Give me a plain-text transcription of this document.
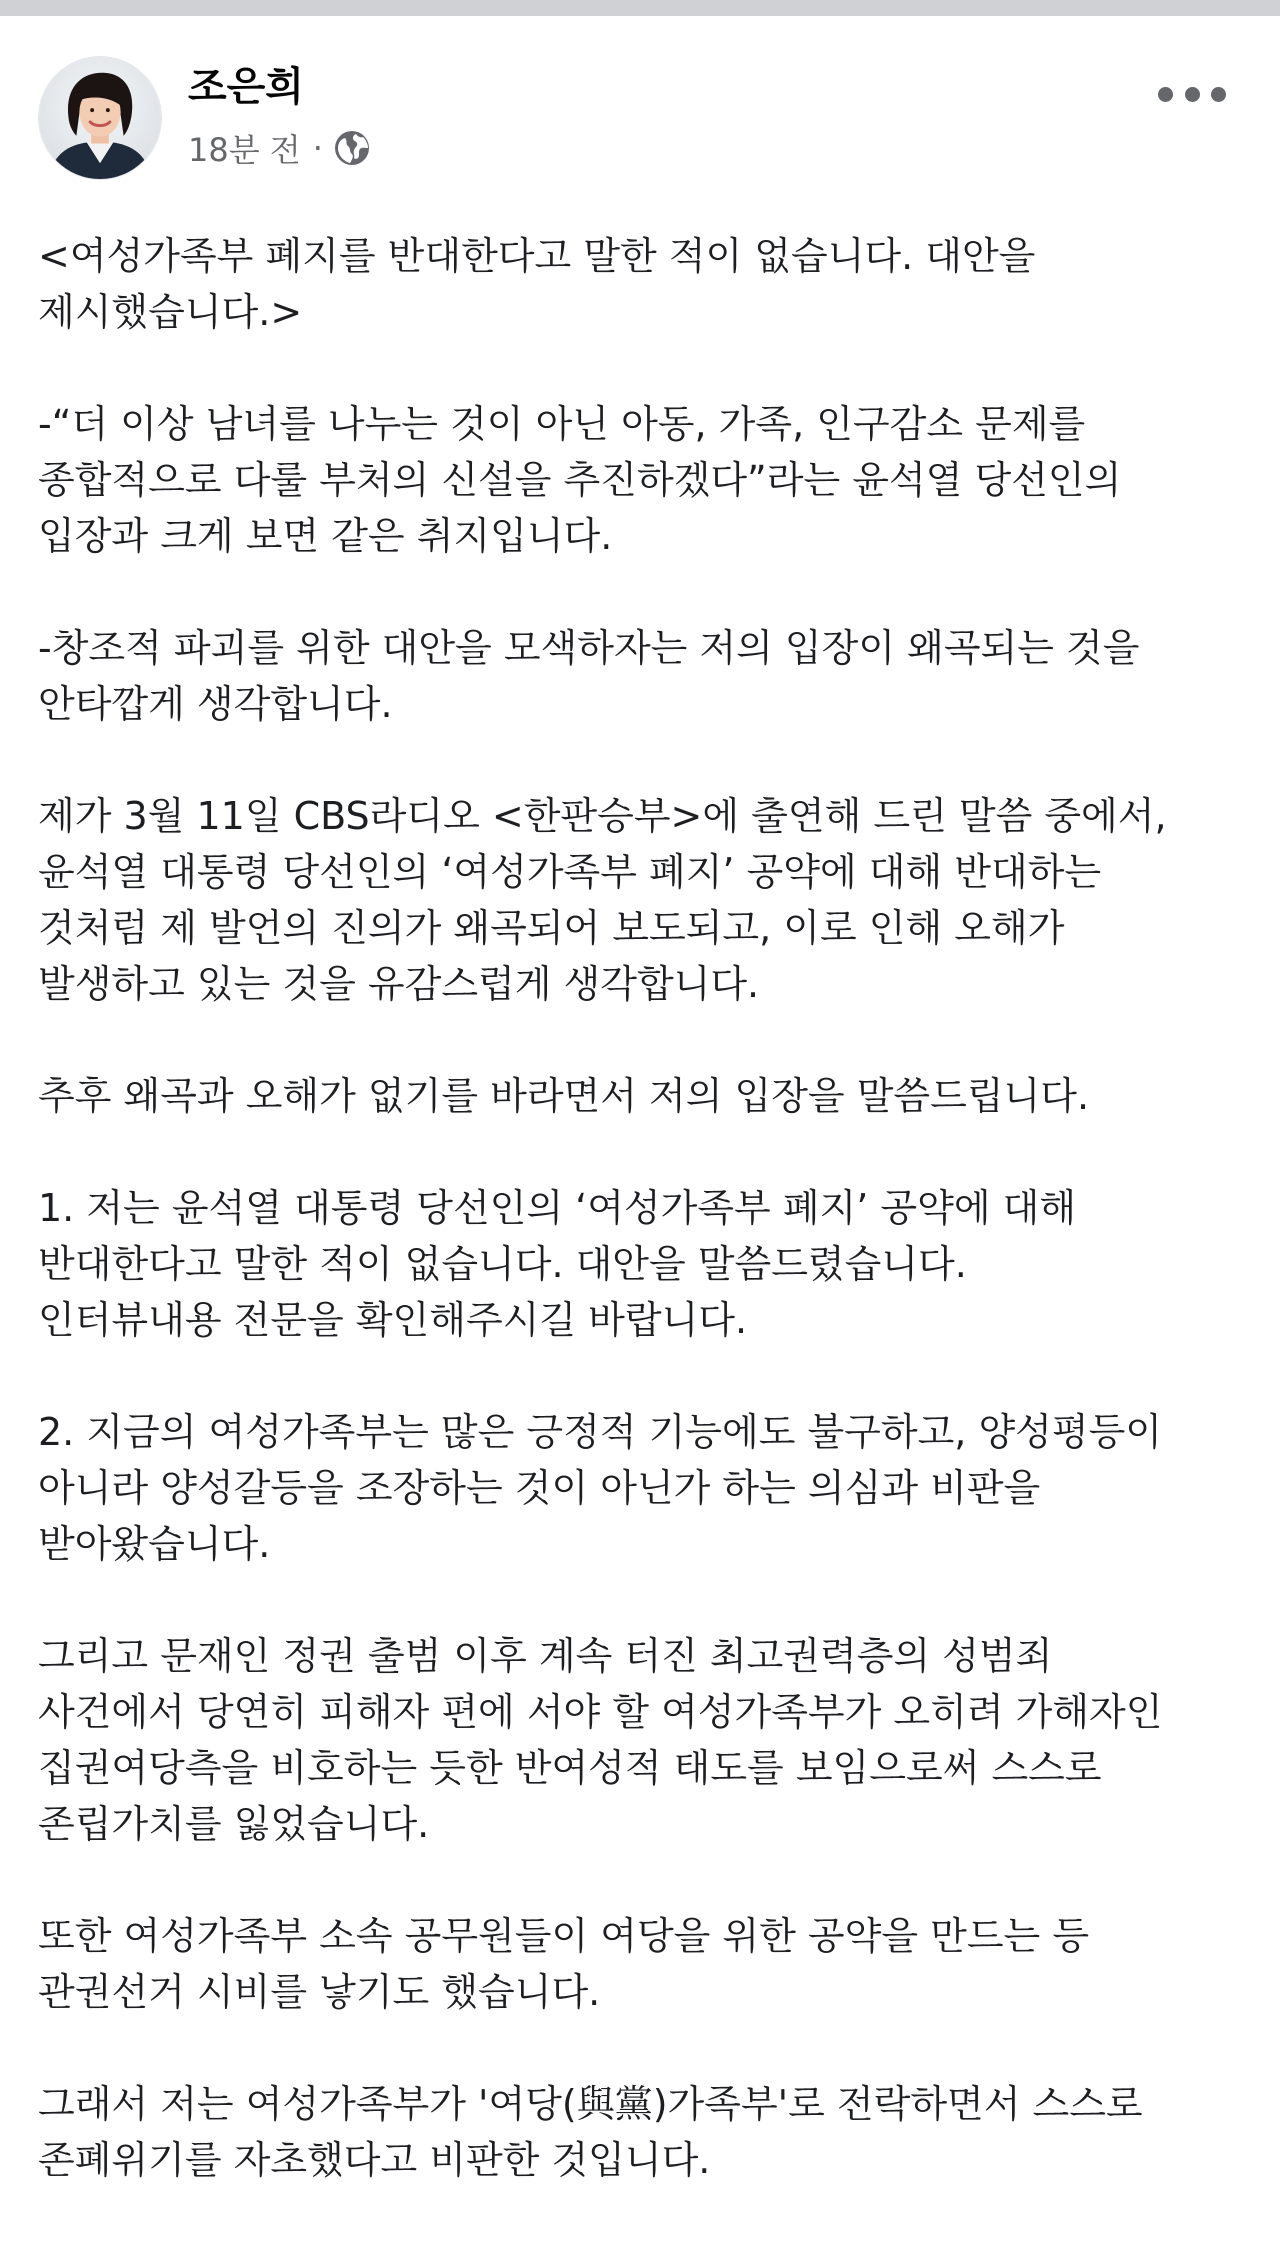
조은희
18분 전 ·
<여성가족부 폐지를 반대한다고 말한 적이 없습니다. 대안을
제시했습니다.>
-“더 이상 남녀를 나누는 것이 아닌 아동, 가족, 인구감소 문제를
종합적으로 다룰 부처의 신설을 추진하겠다”라는 윤석열 당선인의
입장과 크게 보면 같은 취지입니다.
-창조적 파괴를 위한 대안을 모색하자는 저의 입장이 왜곡되는 것을
안타깝게 생각합니다.
제가 3월 11일 CBS라디오 <한판승부>에 출연해 드린 말씀 중에서,
윤석열 대통령 당선인의 ‘여성가족부 폐지’ 공약에 대해 반대하는
것처럼 제 발언의 진의가 왜곡되어 보도되고, 이로 인해 오해가
발생하고 있는 것을 유감스럽게 생각합니다.
추후 왜곡과 오해가 없기를 바라면서 저의 입장을 말씀드립니다.
1. 저는 윤석열 대통령 당선인의 ‘여성가족부 폐지’ 공약에 대해
반대한다고 말한 적이 없습니다. 대안을 말씀드렸습니다.
인터뷰내용 전문을 확인해주시길 바랍니다.
2. 지금의 여성가족부는 많은 긍정적 기능에도 불구하고, 양성평등이
아니라 양성갈등을 조장하는 것이 아닌가 하는 의심과 비판을
받아왔습니다.
그리고 문재인 정권 출범 이후 계속 터진 최고권력층의 성범죄
사건에서 당연히 피해자 편에 서야 할 여성가족부가 오히려 가해자인
집권여당측을 비호하는 듯한 반여성적 태도를 보임으로써 스스로
존립가치를 잃었습니다.
또한 여성가족부 소속 공무원들이 여당을 위한 공약을 만드는 등
관권선거 시비를 낳기도 했습니다.
그래서 저는 여성가족부가 '여당(與黨)가족부'로 전락하면서 스스로
존폐위기를 자초했다고 비판한 것입니다.
